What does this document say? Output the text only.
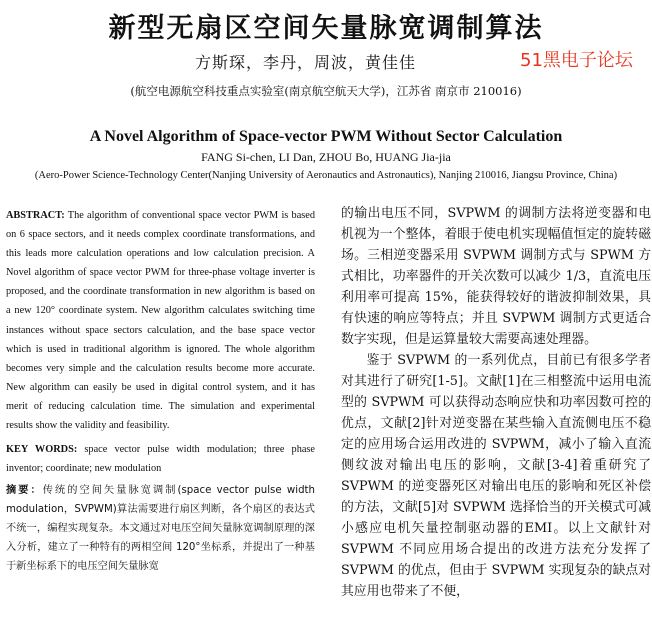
新型无扇区空间矢量脉宽调制算法
方斯琛，李丹，周波，黄佳佳	51黑电子论坛
(航空电源航空科技重点实验室(南京航空航天大学)，江苏省 南京市 210016)
A Novel Algorithm of Space-vector PWM Without Sector Calculation
FANG Si-chen, LI Dan, ZHOU Bo, HUANG Jia-jia
(Aero-Power Science-Technology Center(Nanjing University of Aeronautics and Astronautics), Nanjing 210016, Jiangsu Province, China)

ABSTRACT: The algorithm of conventional space vector PWM is based on 6 space sectors, and it needs complex coordinate transformations, and this leads more calculation operations and low calculation precision. A Novel algorithm of space vector PWM for three-phase voltage inverter is proposed, and the coordinate transformation in new algorithm is based on a new 120° coordinate system. New algorithm calculates switching time instances without space sectors calculation, and the base space vector which is used in traditional algorithm is ignored. The whole algorithm becomes very simple and the calculation results become more accurate. New algorithm can easily be used in digital control system, and it has merit of reducing calculation time. The simulation and experimental results show the validity and feasibility.

KEY WORDS: space vector pulse width modulation; three phase inventor; coordinate; new modulation

摘要：传统的空间矢量脉宽调制(space vector pulse width modulation，SVPWM)算法需要进行扇区判断，各个扇区的表达式不统一，编程实现复杂。本文通过对电压空间矢量脉宽调制原理的深入分析，建立了一种特有的两相空间 120°坐标系，并提出了一种基于新坐标系下的电压空间矢量脉宽

的输出电压不同，SVPWM 的调制方法将逆变器和电机视为一个整体，着眼于使电机实现幅值恒定的旋转磁场。三相逆变器采用 SVPWM 调制方式与 SPWM 方式相比，功率器件的开关次数可以减少 1/3，直流电压利用率可提高 15%，能获得较好的谐波抑制效果，具有快速的响应等特点；并且 SVPWM 调制方式更适合数字实现，但是运算量较大需要高速处理器。

鉴于 SVPWM 的一系列优点，目前已有很多学者对其进行了研究[1-5]。文献[1]在三相整流中运用电流型的 SVPWM 可以获得动态响应快和功率因数可控的优点，文献[2]针对逆变器在某些输入直流侧电压不稳定的应用场合运用改进的 SVPWM，减小了输入直流侧纹波对输出电压的影响，文献[3-4]着重研究了 SVPWM 的逆变器死区对输出电压的影响和死区补偿的方法，文献[5]对 SVPWM 选择恰当的开关模式可减小感应电机矢量控制驱动器的EMI。以上文献针对 SVPWM 不同应用场合提出的改进方法充分发挥了 SVPWM 的优点，但由于 SVPWM 实现复杂的缺点对其应用也带来了不便，
